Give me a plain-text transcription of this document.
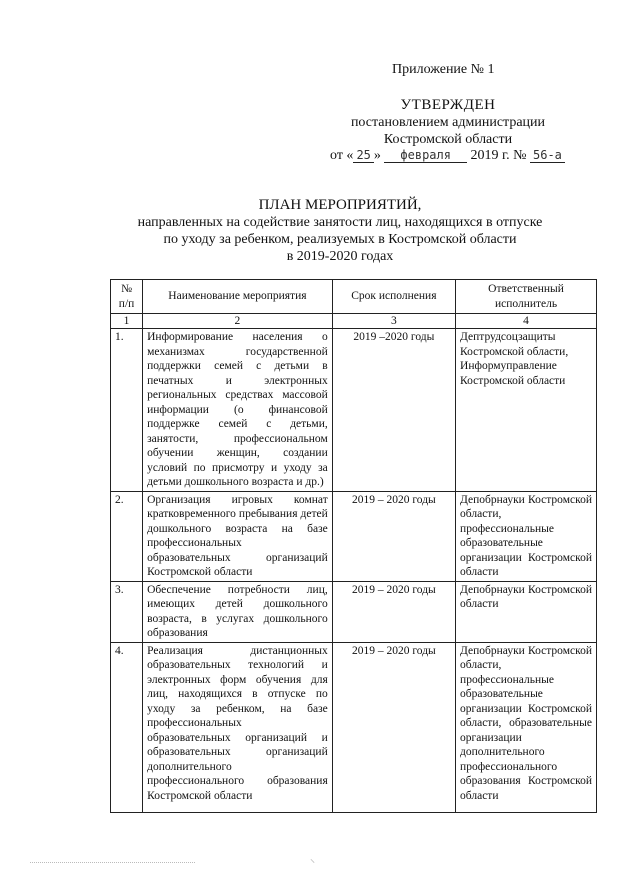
Приложение № 1
УТВЕРЖДЕН
постановлением администрации
Костромской области
от « 25 » февраля 2019 г. № 56-а
ПЛАН МЕРОПРИЯТИЙ,
направленных на содействие занятости лиц, находящихся в отпуске
по уходу за ребенком, реализуемых в Костромской области
в 2019-2020 годах
№ п/п	Наименование мероприятия	Срок исполнения	Ответственный исполнитель
1	2	3	4
1.	Информирование населения о механизмах государственной поддержки семей с детьми в печатных и электронных региональных средствах массовой информации (о финансовой поддержке семей с детьми, занятости, профессиональном обучении женщин, создании условий по присмотру и уходу за детьми дошкольного возраста и др.)	2019 –2020 годы	Дептрудсоцзащиты Костромской области, Информуправление Костромской области
2.	Организация игровых комнат кратковременного пребывания детей дошкольного возраста на базе профессиональных образовательных организаций Костромской области	2019 – 2020 годы	Депобрнауки Костромской области, профессиональные образовательные организации Костромской области
3.	Обеспечение потребности лиц, имеющих детей дошкольного возраста, в услугах дошкольного образования	2019 – 2020 годы	Депобрнауки Костромской области
4.	Реализация дистанционных образовательных технологий и электронных форм обучения для лиц, находящихся в отпуске по уходу за ребенком, на базе профессиональных образовательных организаций и образовательных организаций дополнительного профессионального образования Костромской области	2019 – 2020 годы	Депобрнауки Костромской области, профессиональные образовательные организации Костромской области, образовательные организации дополнительного профессионального образования Костромской области
⸜
